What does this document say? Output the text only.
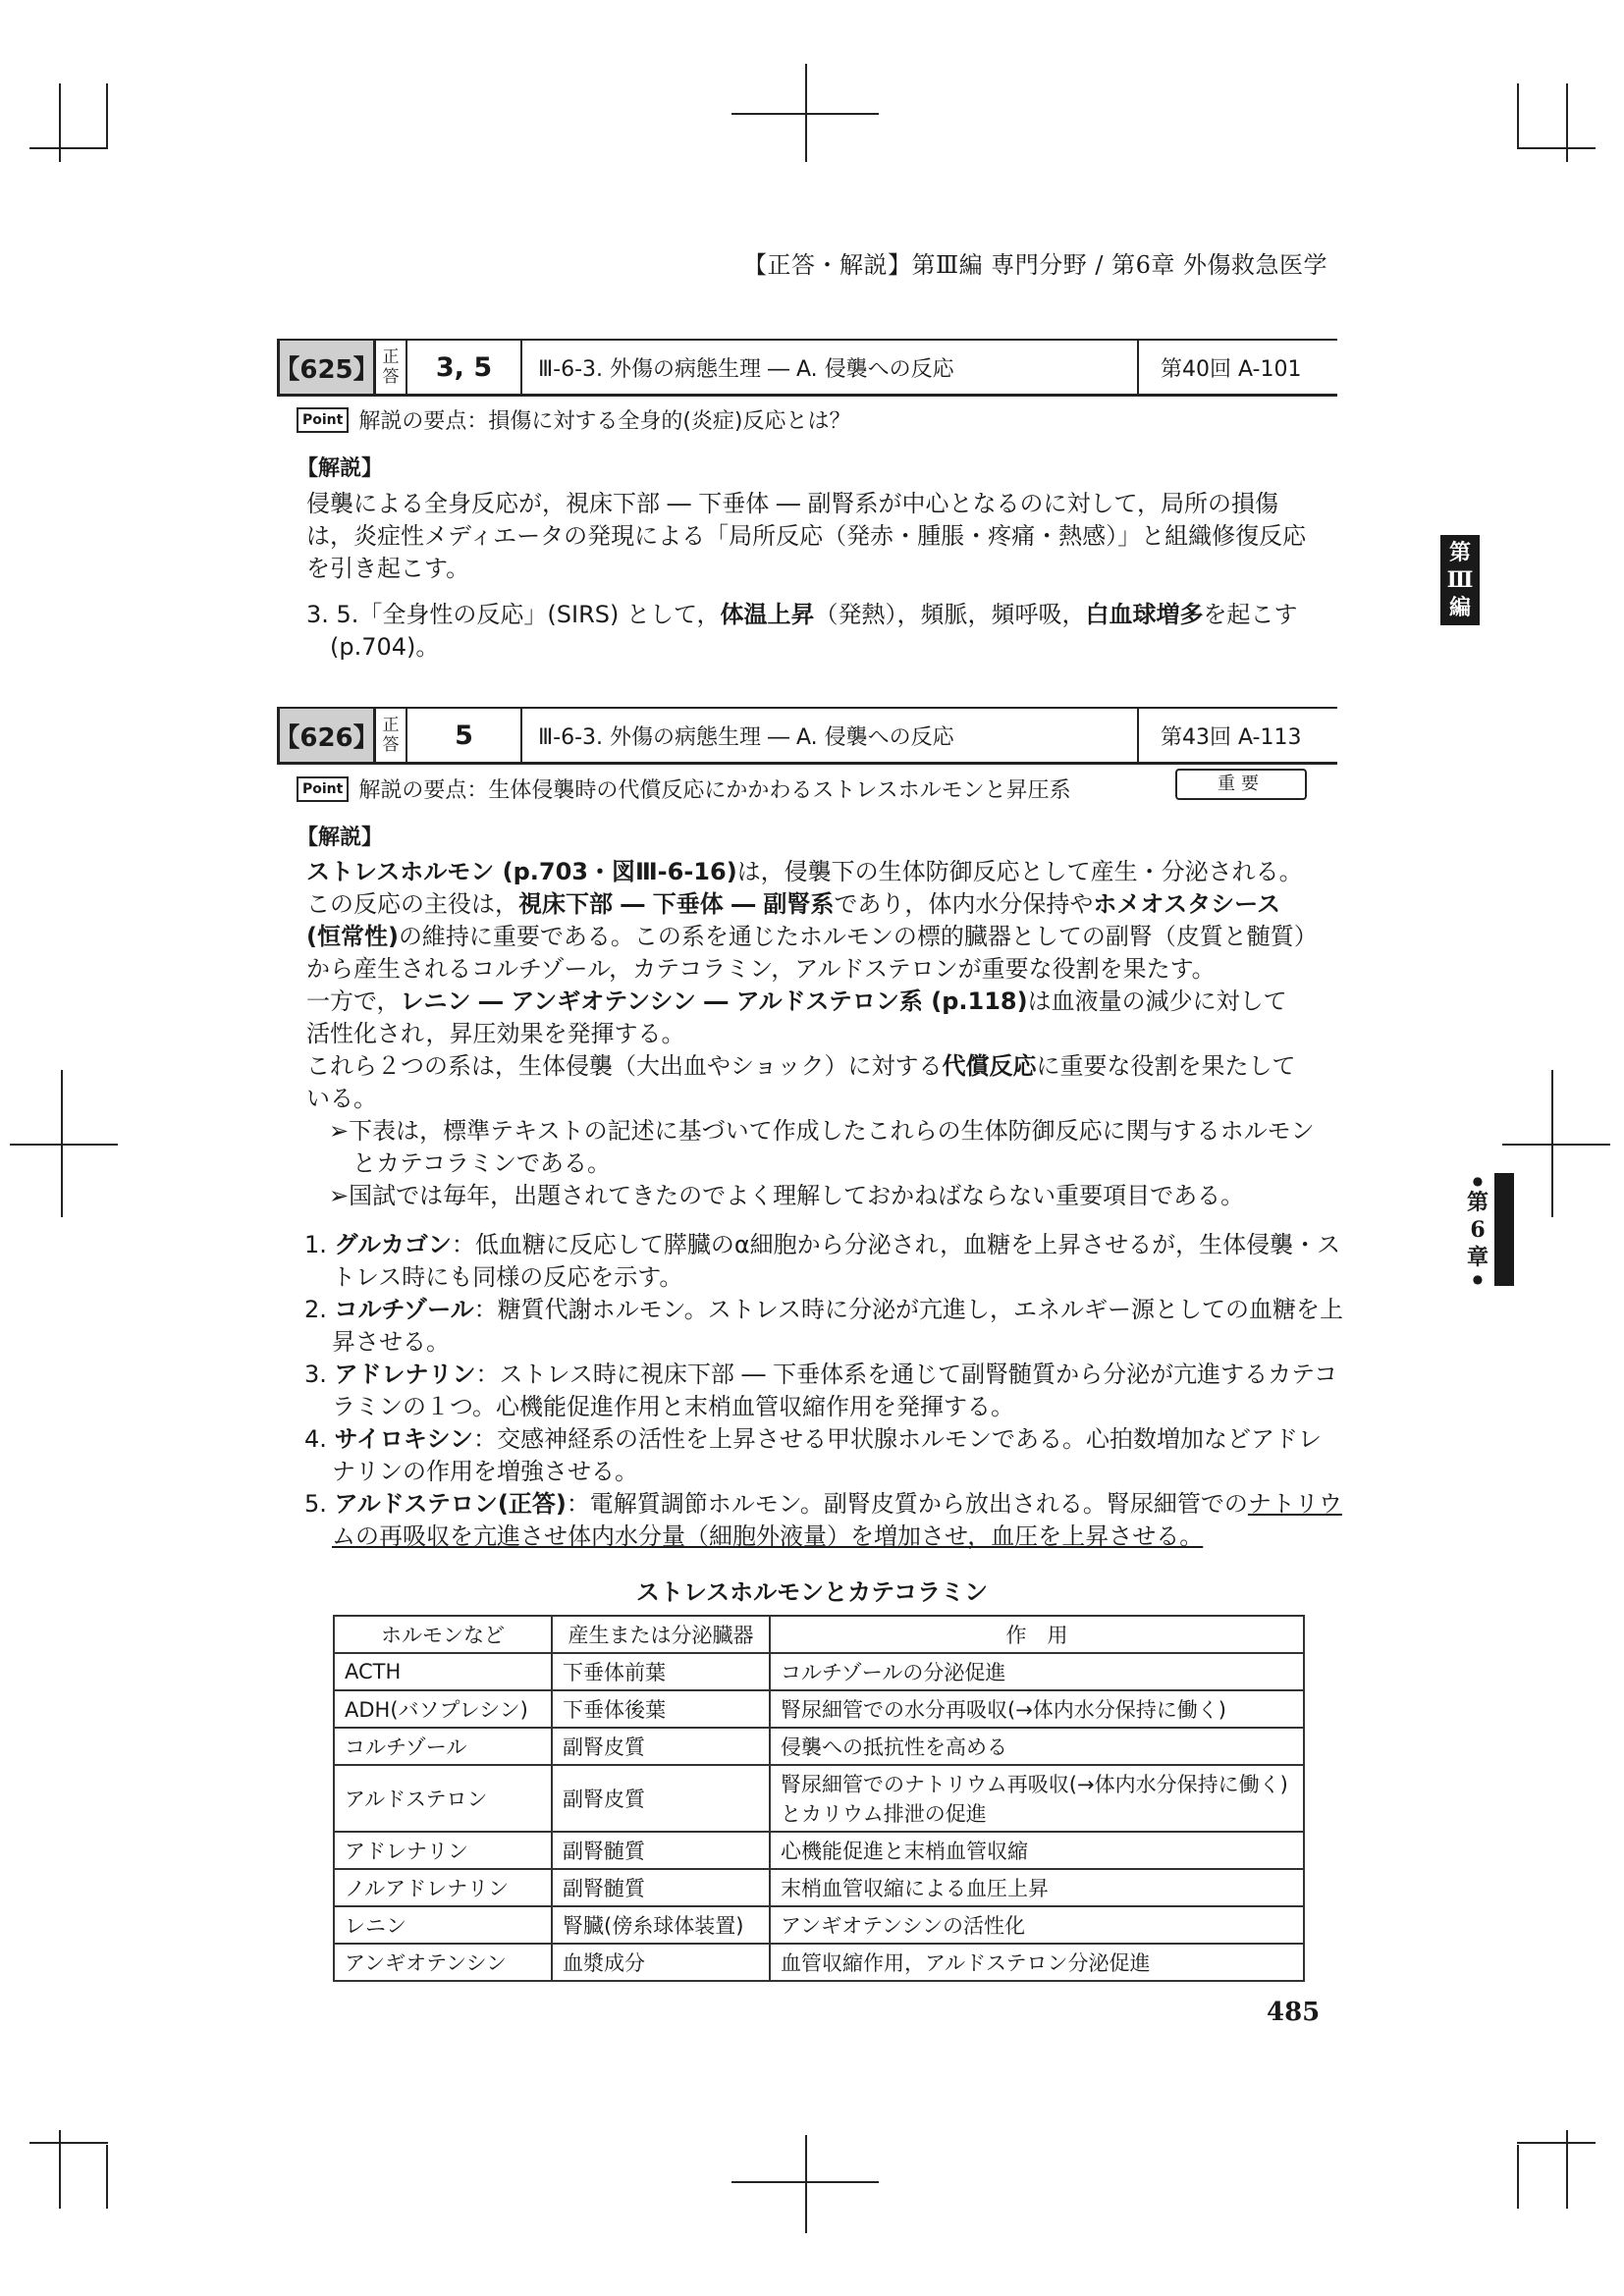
【正答・解説】第Ⅲ編 専門分野 / 第6章 外傷救急医学
第
Ⅲ
編
●
第
6
章
●
【625】 正
答	3, 5	Ⅲ-6-3. 外傷の病態生理 ― A. 侵襲への反応	第40回 A-101
Point 解説の要点：損傷に対する全身的(炎症)反応とは？
【解説】
侵襲による全身反応が，視床下部 ― 下垂体 ― 副腎系が中心となるのに対して，局所の損傷は，炎症性メディエータの発現による「局所反応（発赤・腫脹・疼痛・熱感）」と組織修復反応を引き起こす。
3. 5.「全身性の反応」(SIRS) として，体温上昇（発熱），頻脈，頻呼吸，白血球増多を起こす (p.704)。
【626】 正
答	5	Ⅲ-6-3. 外傷の病態生理 ― A. 侵襲への反応	第43回 A-113
Point 解説の要点：生体侵襲時の代償反応にかかわるストレスホルモンと昇圧系	重要
【解説】
ストレスホルモン (p.703・図Ⅲ-6-16)は，侵襲下の生体防御反応として産生・分泌される。
この反応の主役は，視床下部 ― 下垂体 ― 副腎系であり，体内水分保持やホメオスタシース(恒常性)の維持に重要である。この系を通じたホルモンの標的臓器としての副腎（皮質と髄質）から産生されるコルチゾール，カテコラミン，アルドステロンが重要な役割を果たす。
一方で，レニン ― アンギオテンシン ― アルドステロン系 (p.118)は血液量の減少に対して活性化され，昇圧効果を発揮する。
これら２つの系は，生体侵襲（大出血やショック）に対する代償反応に重要な役割を果たしている。
➢下表は，標準テキストの記述に基づいて作成したこれらの生体防御反応に関与するホルモンとカテコラミンである。
➢国試では毎年，出題されてきたのでよく理解しておかねばならない重要項目である。
1. グルカゴン：低血糖に反応して膵臓のα細胞から分泌され，血糖を上昇させるが，生体侵襲・ストレス時にも同様の反応を示す。
2. コルチゾール：糖質代謝ホルモン。ストレス時に分泌が亢進し，エネルギー源としての血糖を上昇させる。
3. アドレナリン：ストレス時に視床下部 ― 下垂体系を通じて副腎髄質から分泌が亢進するカテコラミンの１つ。心機能促進作用と末梢血管収縮作用を発揮する。
4. サイロキシン：交感神経系の活性を上昇させる甲状腺ホルモンである。心拍数増加などアドレナリンの作用を増強させる。
5. アルドステロン(正答)：電解質調節ホルモン。副腎皮質から放出される。腎尿細管でのナトリウムの再吸収を亢進させ体内水分量（細胞外液量）を増加させ，血圧を上昇させる。
ストレスホルモンとカテコラミン
ホルモンなど	産生または分泌臓器	作　用
ACTH	下垂体前葉	コルチゾールの分泌促進
ADH(バソプレシン)	下垂体後葉	腎尿細管での水分再吸収(→体内水分保持に働く)
コルチゾール	副腎皮質	侵襲への抵抗性を高める
アルドステロン	副腎皮質	腎尿細管でのナトリウム再吸収(→体内水分保持に働く)とカリウム排泄の促進
アドレナリン	副腎髄質	心機能促進と末梢血管収縮
ノルアドレナリン	副腎髄質	末梢血管収縮による血圧上昇
レニン	腎臓(傍糸球体装置)	アンギオテンシンの活性化
アンギオテンシン	血漿成分	血管収縮作用，アルドステロン分泌促進
485
